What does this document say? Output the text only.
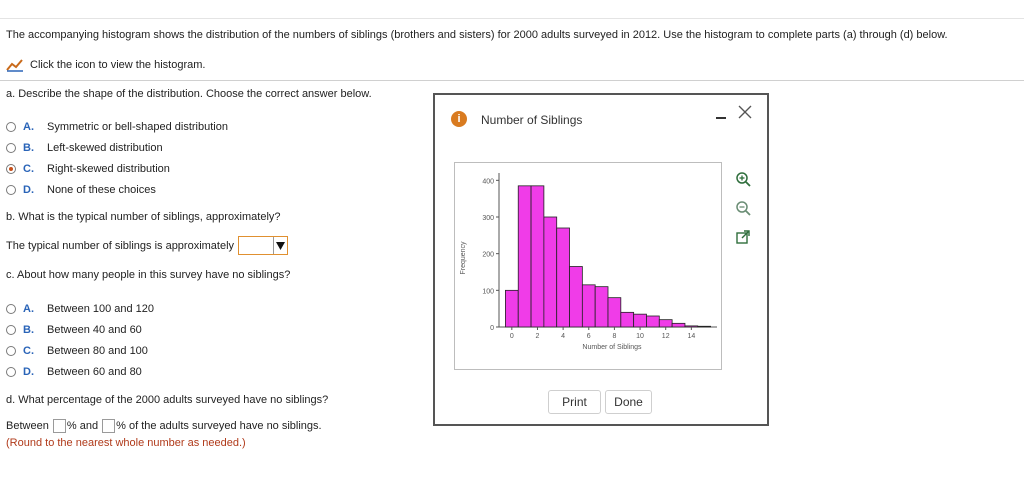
The accompanying histogram shows the distribution of the numbers of siblings (brothers and sisters) for 2000 adults surveyed in 2012. Use the histogram to complete parts (a) through (d) below.
Click the icon to view the histogram.
a. Describe the shape of the distribution. Choose the correct answer below.
A. Symmetric or bell-shaped distribution
B. Left-skewed distribution
C. Right-skewed distribution
D. None of these choices
b. What is the typical number of siblings, approximately?
The typical number of siblings is approximately
c. About how many people in this survey have no siblings?
A. Between 100 and 120
B. Between 40 and 60
C. Between 80 and 100
D. Between 60 and 80
d. What percentage of the 2000 adults surveyed have no siblings?
Between % and % of the adults surveyed have no siblings.
(Round to the nearest whole number as needed.)
i	Number of Siblings
0
100
200
300
400
0	2	4	6	8	10	12	14
Number of Siblings
Frequency
Print	Done
